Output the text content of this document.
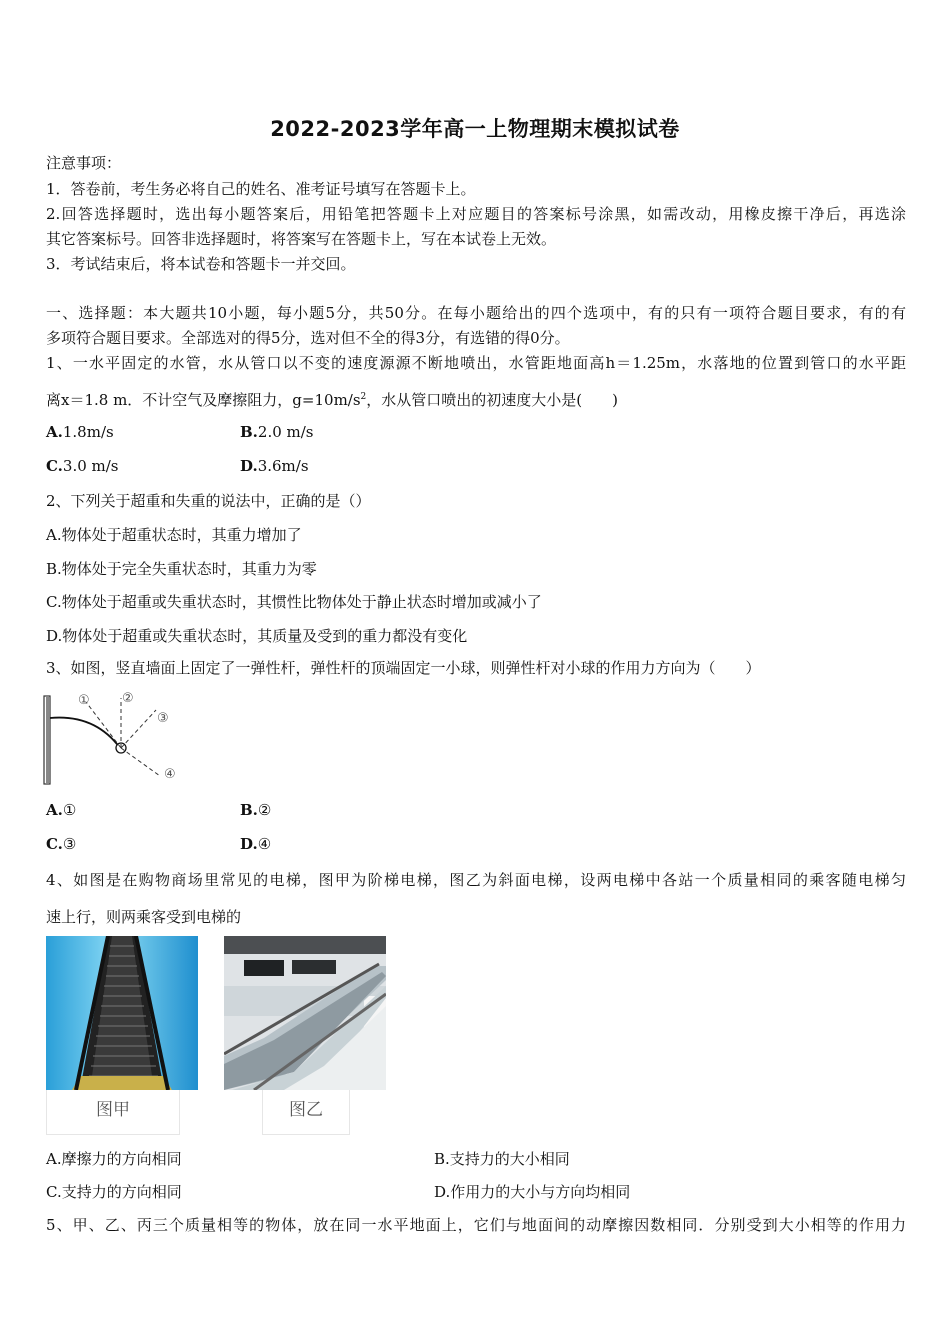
2022-2023学年高一上物理期末模拟试卷
注意事项：
1．答卷前，考生务必将自己的姓名、准考证号填写在答题卡上。
2.回答选择题时，选出每小题答案后，用铅笔把答题卡上对应题目的答案标号涂黑，如需改动，用橡皮擦干净后，再选涂
其它答案标号。回答非选择题时，将答案写在答题卡上，写在本试卷上无效。
3．考试结束后，将本试卷和答题卡一并交回。
一、选择题：本大题共10小题，每小题5分，共50分。在每小题给出的四个选项中，有的只有一项符合题目要求，有的有
多项符合题目要求。全部选对的得5分，选对但不全的得3分，有选错的得0分。
1、一水平固定的水管，水从管口以不变的速度源源不断地喷出，水管距地面高h＝1.25m，水落地的位置到管口的水平距
离x＝1.8 m．不计空气及摩擦阻力，$g=10m/s^2$，水从管口喷出的初速度大小是(　　)
A.1.8m/s	B.2.0 m/s
C.3.0 m/s	D.3.6m/s
2、下列关于超重和失重的说法中，正确的是（）
A.物体处于超重状态时，其重力增加了
B.物体处于完全失重状态时，其重力为零
C.物体处于超重或失重状态时，其惯性比物体处于静止状态时增加或减小了
D.物体处于超重或失重状态时，其质量及受到的重力都没有变化
3、如图，竖直墙面上固定了一弹性杆，弹性杆的顶端固定一小球，则弹性杆对小球的作用力方向为（　　）
① ②
③
④
A.①	B.②
C.③	D.④
4、如图是在购物商场里常见的电梯，图甲为阶梯电梯，图乙为斜面电梯，设两电梯中各站一个质量相同的乘客随电梯匀
速上行，则两乘客受到电梯的
图甲	图乙
A.摩擦力的方向相同	B.支持力的大小相同
C.支持力的方向相同	D.作用力的大小与方向均相同
5、甲、乙、丙三个质量相等的物体，放在同一水平地面上，它们与地面间的动摩擦因数相同．分别受到大小相等的作用力
